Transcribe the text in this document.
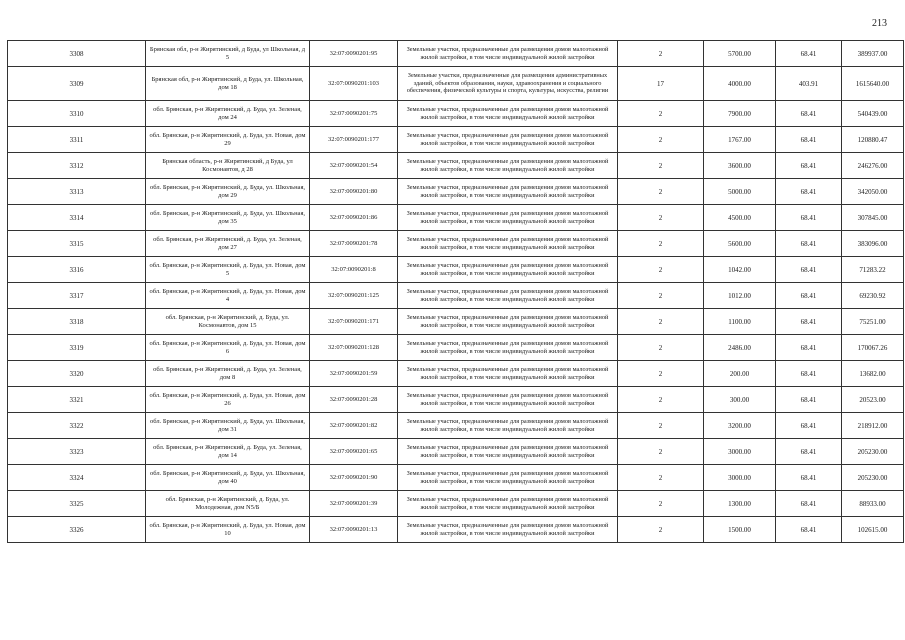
213
3308	Брянская обл, р-н Жирятинский, д Буда, ул Школьная, д 5	32:07:0090201:95	Земельные участки, предназначенные для размещения домов малоэтажной жилой застройки, в том числе индивидуальной жилой застройки	2	5700.00	68.41	389937.00
3309	Брянская обл, р-н Жирятинский, д Буда, ул. Школьная, дом 18	32:07:0090201:103	Земельные участки, предназначенные для размещения административных зданий, объектов образования, науки, здравоохранения и социального обеспечения, физической культуры и спорта, культуры, искусства, религии	17	4000.00	403.91	1615640.00
3310	обл. Брянская, р-н Жирятинский, д. Буда, ул. Зеленая, дом 24	32:07:0090201:75	Земельные участки, предназначенные для размещения домов малоэтажной жилой застройки, в том числе индивидуальной жилой застройки	2	7900.00	68.41	540439.00
3311	обл. Брянская, р-н Жирятинский, д. Буда, ул. Новая, дом 29	32:07:0090201:177	Земельные участки, предназначенные для размещения домов малоэтажной жилой застройки, в том числе индивидуальной жилой застройки	2	1767.00	68.41	120880.47
3312	Брянская область, р-н Жирятинский, д Буда, ул Космонавтов, д 28	32:07:0090201:54	Земельные участки, предназначенные для размещения домов малоэтажной жилой застройки, в том числе индивидуальной жилой застройки	2	3600.00	68.41	246276.00
3313	обл. Брянская, р-н Жирятинский, д. Буда, ул. Школьная, дом 29	32:07:0090201:80	Земельные участки, предназначенные для размещения домов малоэтажной жилой застройки, в том числе индивидуальной жилой застройки	2	5000.00	68.41	342050.00
3314	обл. Брянская, р-н Жирятинский, д. Буда, ул. Школьная, дом 35	32:07:0090201:86	Земельные участки, предназначенные для размещения домов малоэтажной жилой застройки, в том числе индивидуальной жилой застройки	2	4500.00	68.41	307845.00
3315	обл. Брянская, р-н Жирятинский, д. Буда, ул. Зеленая, дом 27	32:07:0090201:78	Земельные участки, предназначенные для размещения домов малоэтажной жилой застройки, в том числе индивидуальной жилой застройки	2	5600.00	68.41	383096.00
3316	обл. Брянская, р-н Жирятинский, д. Буда, ул. Новая, дом 5	32:07:0090201:8	Земельные участки, предназначенные для размещения домов малоэтажной жилой застройки, в том числе индивидуальной жилой застройки	2	1042.00	68.41	71283.22
3317	обл. Брянская, р-н Жирятинский, д. Буда, ул. Новая, дом 4	32:07:0090201:125	Земельные участки, предназначенные для размещения домов малоэтажной жилой застройки, в том числе индивидуальной жилой застройки	2	1012.00	68.41	69230.92
3318	обл. Брянская, р-н Жирятинский, д. Буда, ул. Космонавтов, дом 15	32:07:0090201:171	Земельные участки, предназначенные для размещения домов малоэтажной жилой застройки, в том числе индивидуальной жилой застройки	2	1100.00	68.41	75251.00
3319	обл. Брянская, р-н Жирятинский, д. Буда, ул. Новая, дом 6	32:07:0090201:128	Земельные участки, предназначенные для размещения домов малоэтажной жилой застройки, в том числе индивидуальной жилой застройки	2	2486.00	68.41	170067.26
3320	обл. Брянская, р-н Жирятинский, д. Буда, ул. Зеленая, дом 8	32:07:0090201:59	Земельные участки, предназначенные для размещения домов малоэтажной жилой застройки, в том числе индивидуальной жилой застройки	2	200.00	68.41	13682.00
3321	обл. Брянская, р-н Жирятинский, д. Буда, ул. Новая, дом 26	32:07:0090201:28	Земельные участки, предназначенные для размещения домов малоэтажной жилой застройки, в том числе индивидуальной жилой застройки	2	300.00	68.41	20523.00
3322	обл. Брянская, р-н Жирятинский, д. Буда, ул. Школьная, дом 31	32:07:0090201:82	Земельные участки, предназначенные для размещения домов малоэтажной жилой застройки, в том числе индивидуальной жилой застройки	2	3200.00	68.41	218912.00
3323	обл. Брянская, р-н Жирятинский, д. Буда, ул. Зеленая, дом 14	32:07:0090201:65	Земельные участки, предназначенные для размещения домов малоэтажной жилой застройки, в том числе индивидуальной жилой застройки	2	3000.00	68.41	205230.00
3324	обл. Брянская, р-н Жирятинский, д. Буда, ул. Школьная, дом 40	32:07:0090201:90	Земельные участки, предназначенные для размещения домов малоэтажной жилой застройки, в том числе индивидуальной жилой застройки	2	3000.00	68.41	205230.00
3325	обл. Брянская, р-н Жирятинский, д. Буда, ул. Молодежная, дом N5/Б	32:07:0090201:39	Земельные участки, предназначенные для размещения домов малоэтажной жилой застройки, в том числе индивидуальной жилой застройки	2	1300.00	68.41	88933.00
3326	обл. Брянская, р-н Жирятинский, д. Буда, ул. Новая, дом 10	32:07:0090201:13	Земельные участки, предназначенные для размещения домов малоэтажной жилой застройки, в том числе индивидуальной жилой застройки	2	1500.00	68.41	102615.00
